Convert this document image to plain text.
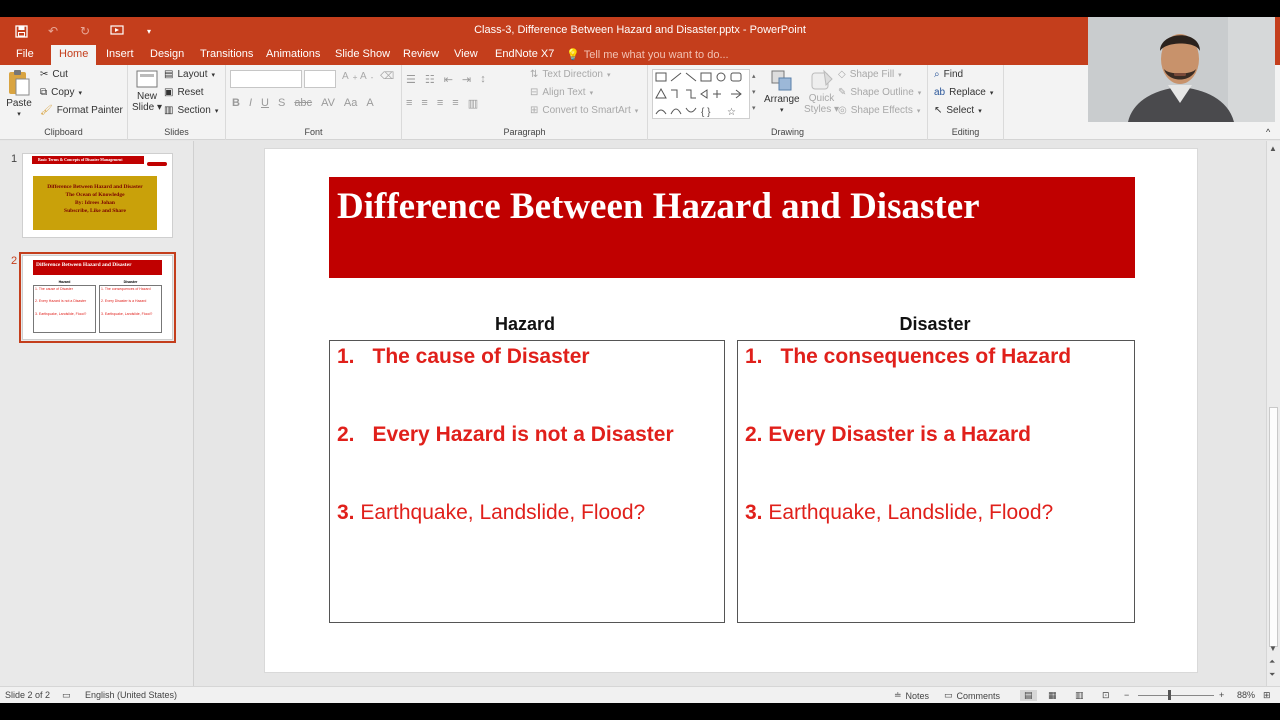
↶	↻	▾	Class-3, Difference Between Hazard and Disaster.pptx - PowerPoint
File	Home	Insert	Design	Transitions	Animations	Slide Show	Review	View	EndNote X7	💡 Tell me what you want to do...
Paste
▾
✂ Cut
⧉ Copy ▾
🖌 Format Painter
Clipboard
New
Slide ▾
▤ Layout ▾
▣ Reset
▥ Section ▾
Slides
A + A - ⌫
B I U S abc AV Aa A
Font
☰ ☷ ⇤ ⇥ ↕
≡ ≡ ≡ ≡ ▥
⇅ Text Direction ▾
⊟ Align Text ▾
⊞ Convert to SmartArt ▾
Paragraph
{ } ☆
▴
▾
▾
Arrange
▾
Quick
Styles ▾
◇ Shape Fill ▾
✎ Shape Outline ▾
◎ Shape Effects ▾
Drawing
⌕ Find
ab Replace ▾
↖ Select ▾
Editing	^
1	Basic Terms & Concepts of Disaster Management
Difference Between Hazard and Disaster
The Ocean of Knowledge
By: Idrees Johan
Subscribe, Like and Share
2	Difference Between Hazard and Disaster
Hazard	Disaster
1. The cause of Disaster
2. Every Hazard is not a Disaster
3. Earthquake, Landslide, Flood?
1. The consequences of Hazard
2. Every Disaster is a Hazard
3. Earthquake, Landslide, Flood?
Difference Between Hazard and Disaster
Hazard	Disaster
1. The cause of Disaster
2. Every Hazard is not a Disaster
3. Earthquake, Landslide, Flood?
1. The consequences of Hazard
2. Every Disaster is a Hazard
3. Earthquake, Landslide, Flood?
▲
▼
⏶
⏷
Slide 2 of 2 ▭ English (United States)	≐ Notes ▭ Comments	▤	▦ ▥ ⊡ −	+ 88% ⊞
